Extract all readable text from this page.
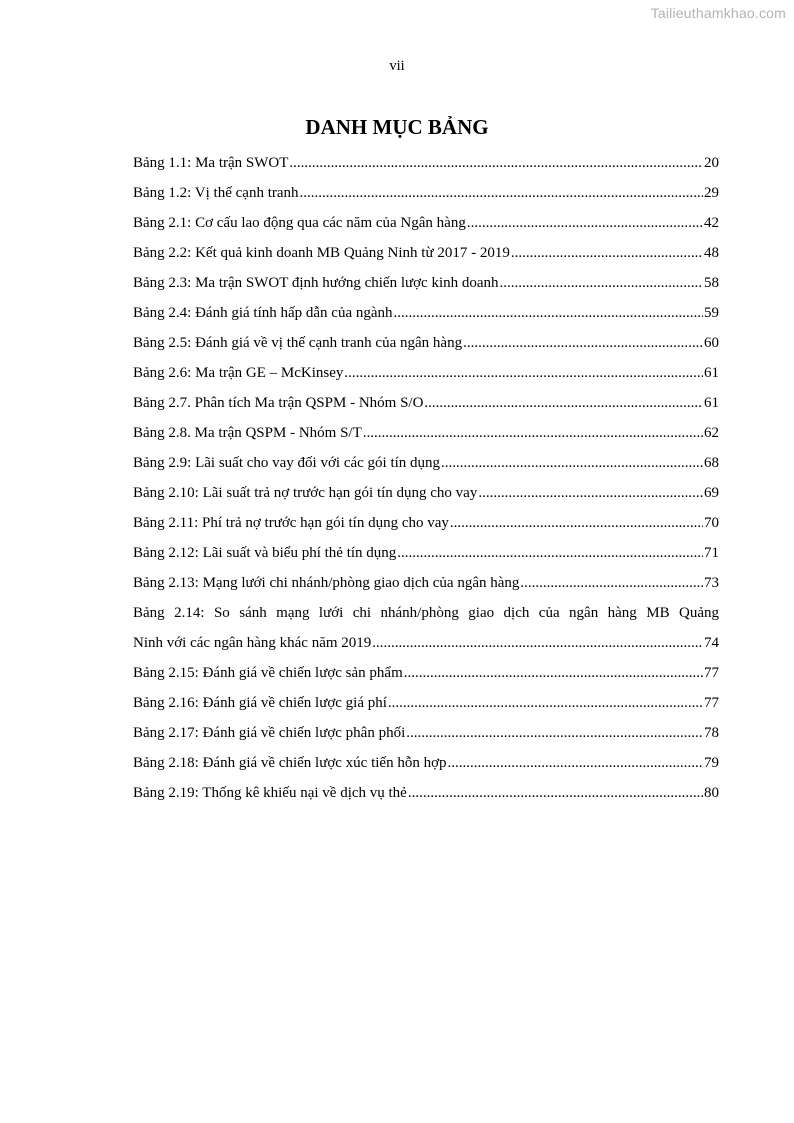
Tailieuthamkhao.com
vii
DANH MỤC BẢNG
Bảng 1.1: Ma trận SWOT .....	20
Bảng 1.2: Vị thế cạnh tranh .....	29
Bảng 2.1: Cơ cấu lao động qua các năm của Ngân hàng .....	42
Bảng 2.2: Kết quả kinh doanh MB Quảng Ninh từ 2017 - 2019 .....	48
Bảng 2.3: Ma trận SWOT định hướng chiến lược kinh doanh .....	58
Bảng 2.4: Đánh giá tính hấp dẫn của ngành .....	59
Bảng 2.5: Đánh giá về vị thế cạnh tranh của ngân hàng .....	60
Bảng 2.6: Ma trận GE – McKinsey .....	61
Bảng 2.7. Phân tích Ma trận QSPM - Nhóm S/O .....	61
Bảng 2.8. Ma trận QSPM - Nhóm S/T .....	62
Bảng 2.9: Lãi suất cho vay đối với các gói tín dụng .....	68
Bảng 2.10: Lãi suất trả nợ trước hạn gói tín dụng cho vay .....	69
Bảng 2.11: Phí trả nợ trước hạn gói tín dụng cho vay .....	70
Bảng 2.12: Lãi suất và biểu phí thẻ tín dụng .....	71
Bảng 2.13: Mạng lưới chi nhánh/phòng giao dịch của ngân hàng .....	73
Bảng 2.14: So sánh mạng lưới chi nhánh/phòng giao dịch của ngân hàng MB Quảng
Ninh với các ngân hàng khác năm 2019 .....	74
Bảng 2.15: Đánh giá về chiến lược sản phẩm .....	77
Bảng 2.16: Đánh giá về chiến lược giá phí .....	77
Bảng 2.17: Đánh giá về chiến lược phân phối .....	78
Bảng 2.18: Đánh giá về chiến lược xúc tiến hỗn hợp .....	79
Bảng 2.19: Thống kê khiếu nại về dịch vụ thẻ .....	80
